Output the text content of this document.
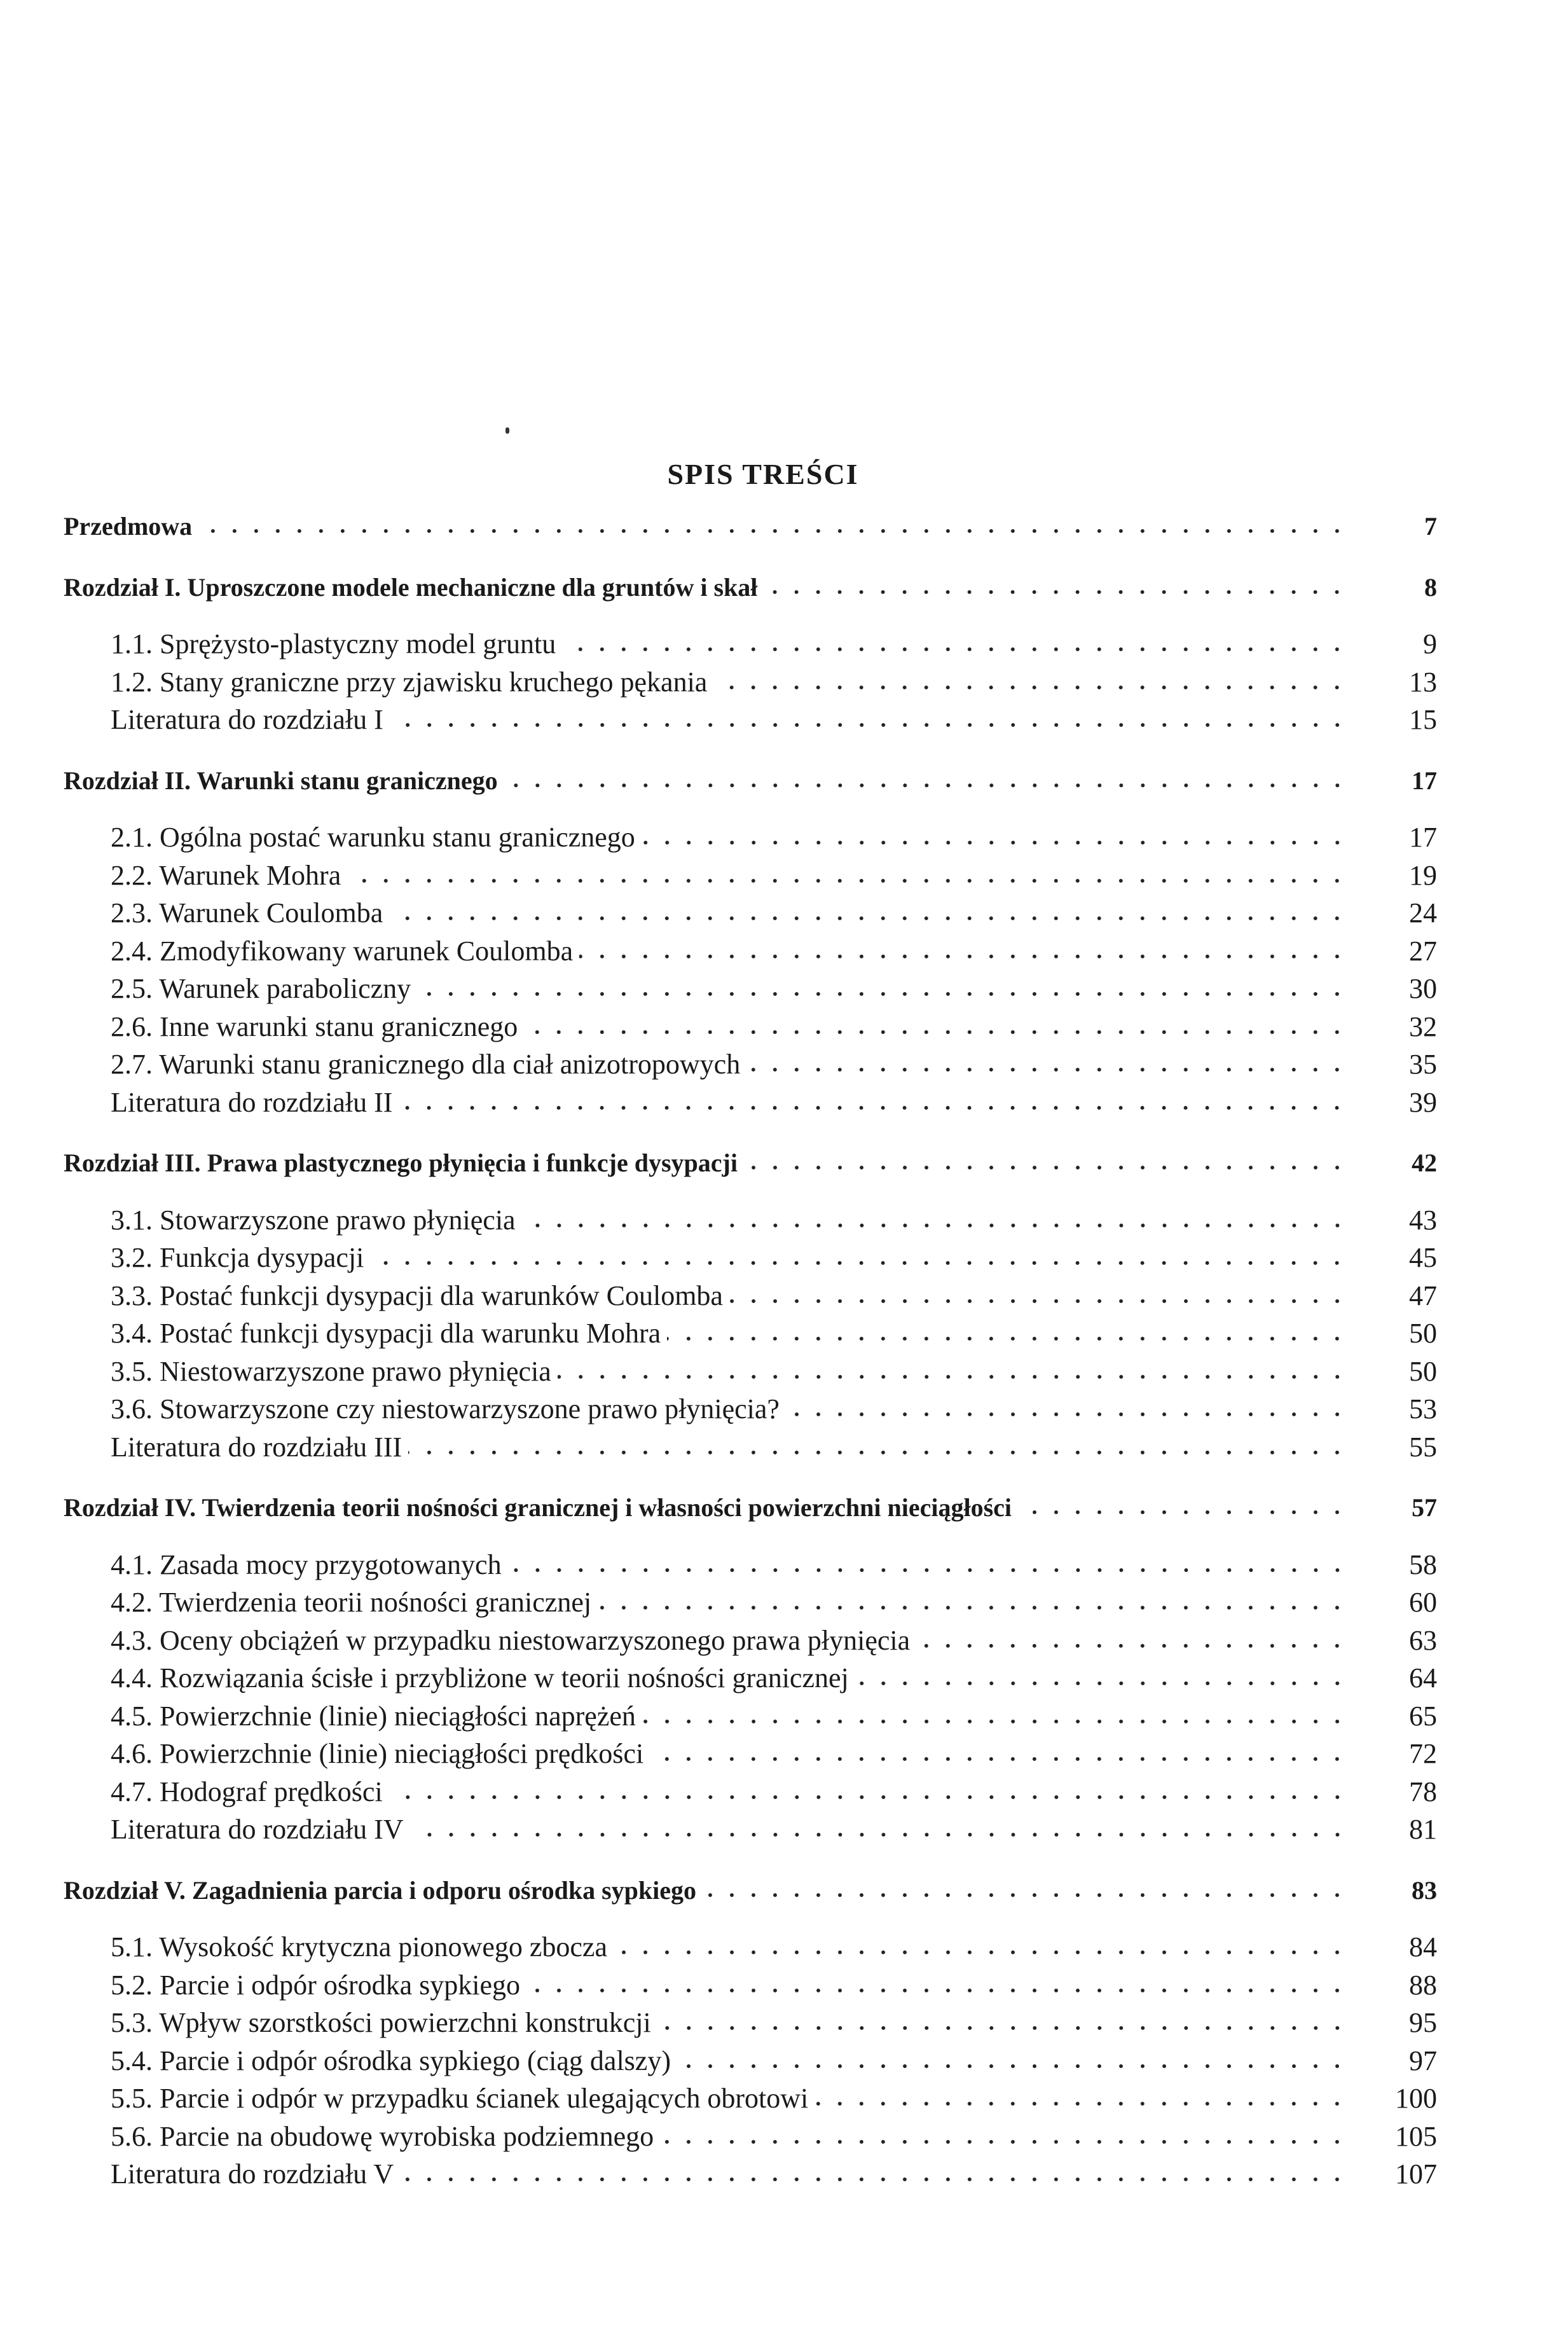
SPIS TREŚCI
Przedmowa	7
Rozdział I. Uproszczone modele mechaniczne dla gruntów i skał	8
1.1. Sprężysto-plastyczny model gruntu	9
1.2. Stany graniczne przy zjawisku kruchego pękania	13
Literatura do rozdziału I	15
Rozdział II. Warunki stanu granicznego	17
2.1. Ogólna postać warunku stanu granicznego	17
2.2. Warunek Mohra	19
2.3. Warunek Coulomba	24
2.4. Zmodyfikowany warunek Coulomba	27
2.5. Warunek paraboliczny	30
2.6. Inne warunki stanu granicznego	32
2.7. Warunki stanu granicznego dla ciał anizotropowych	35
Literatura do rozdziału II	39
Rozdział III. Prawa plastycznego płynięcia i funkcje dysypacji	42
3.1. Stowarzyszone prawo płynięcia	43
3.2. Funkcja dysypacji	45
3.3. Postać funkcji dysypacji dla warunków Coulomba	47
3.4. Postać funkcji dysypacji dla warunku Mohra	50
3.5. Niestowarzyszone prawo płynięcia	50
3.6. Stowarzyszone czy niestowarzyszone prawo płynięcia?	53
Literatura do rozdziału III	55
Rozdział IV. Twierdzenia teorii nośności granicznej i własności powierzchni nieciągłości	57
4.1. Zasada mocy przygotowanych	58
4.2. Twierdzenia teorii nośności granicznej	60
4.3. Oceny obciążeń w przypadku niestowarzyszonego prawa płynięcia	63
4.4. Rozwiązania ścisłe i przybliżone w teorii nośności granicznej	64
4.5. Powierzchnie (linie) nieciągłości naprężeń	65
4.6. Powierzchnie (linie) nieciągłości prędkości	72
4.7. Hodograf prędkości	78
Literatura do rozdziału IV	81
Rozdział V. Zagadnienia parcia i odporu ośrodka sypkiego	83
5.1. Wysokość krytyczna pionowego zbocza	84
5.2. Parcie i odpór ośrodka sypkiego	88
5.3. Wpływ szorstkości powierzchni konstrukcji	95
5.4. Parcie i odpór ośrodka sypkiego (ciąg dalszy)	97
5.5. Parcie i odpór w przypadku ścianek ulegających obrotowi	100
5.6. Parcie na obudowę wyrobiska podziemnego	105
Literatura do rozdziału V	107
